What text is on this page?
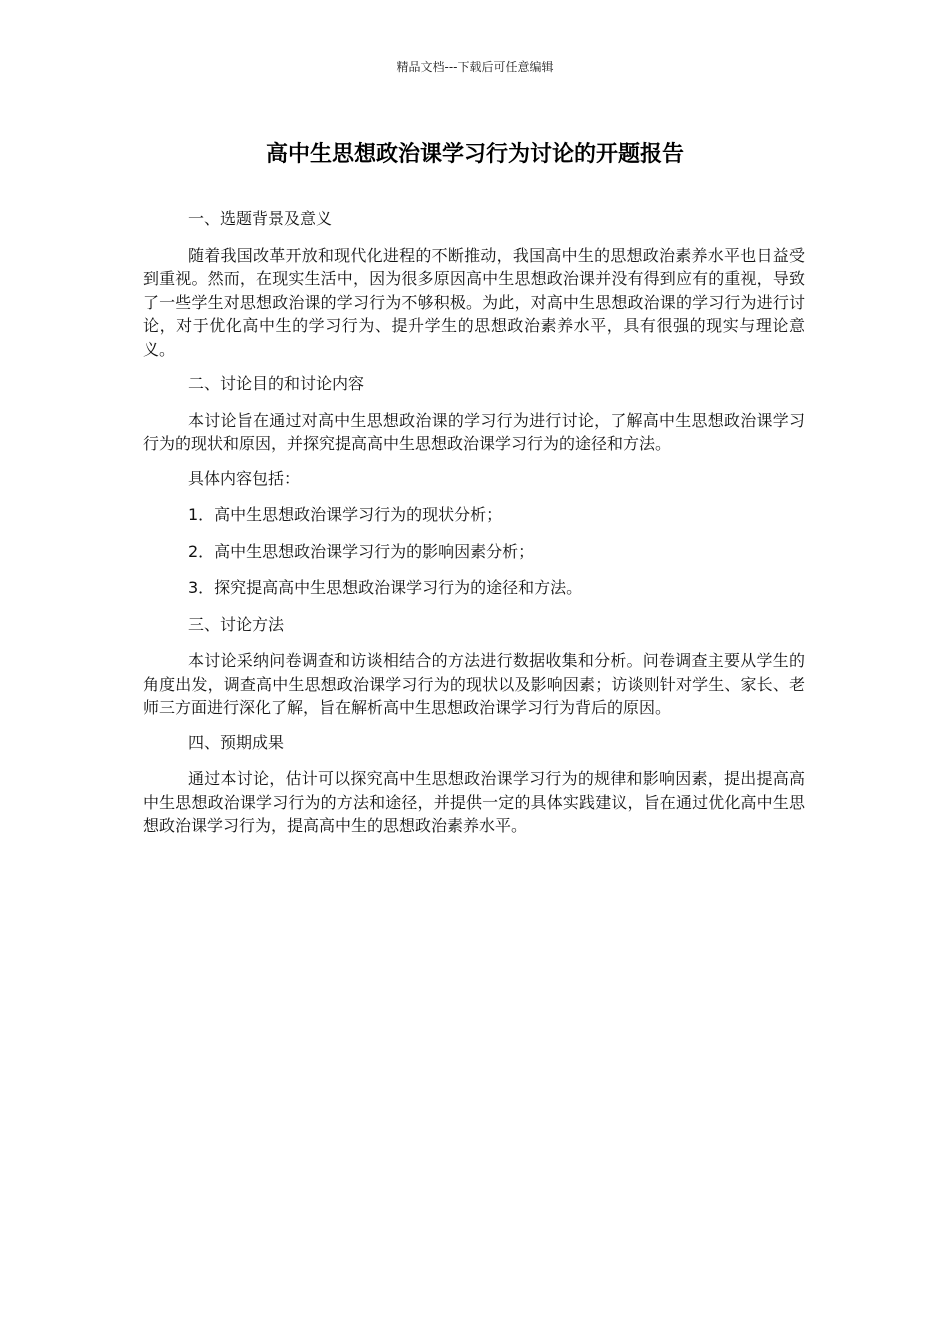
精品文档---下载后可任意编辑
高中生思想政治课学习行为讨论的开题报告

一、选题背景及意义

随着我国改革开放和现代化进程的不断推动，我国高中生的思想政治素养水平也日益受到重视。然而，在现实生活中，因为很多原因高中生思想政治课并没有得到应有的重视，导致了一些学生对思想政治课的学习行为不够积极。为此，对高中生思想政治课的学习行为进行讨论，对于优化高中生的学习行为、提升学生的思想政治素养水平，具有很强的现实与理论意义。

二、讨论目的和讨论内容

本讨论旨在通过对高中生思想政治课的学习行为进行讨论，了解高中生思想政治课学习行为的现状和原因，并探究提高高中生思想政治课学习行为的途径和方法。

具体内容包括：

1．高中生思想政治课学习行为的现状分析；

2．高中生思想政治课学习行为的影响因素分析；

3．探究提高高中生思想政治课学习行为的途径和方法。

三、讨论方法

本讨论采纳问卷调查和访谈相结合的方法进行数据收集和分析。问卷调查主要从学生的角度出发，调查高中生思想政治课学习行为的现状以及影响因素；访谈则针对学生、家长、老师三方面进行深化了解，旨在解析高中生思想政治课学习行为背后的原因。

四、预期成果

通过本讨论，估计可以探究高中生思想政治课学习行为的规律和影响因素，提出提高高中生思想政治课学习行为的方法和途径，并提供一定的具体实践建议，旨在通过优化高中生思想政治课学习行为，提高高中生的思想政治素养水平。
